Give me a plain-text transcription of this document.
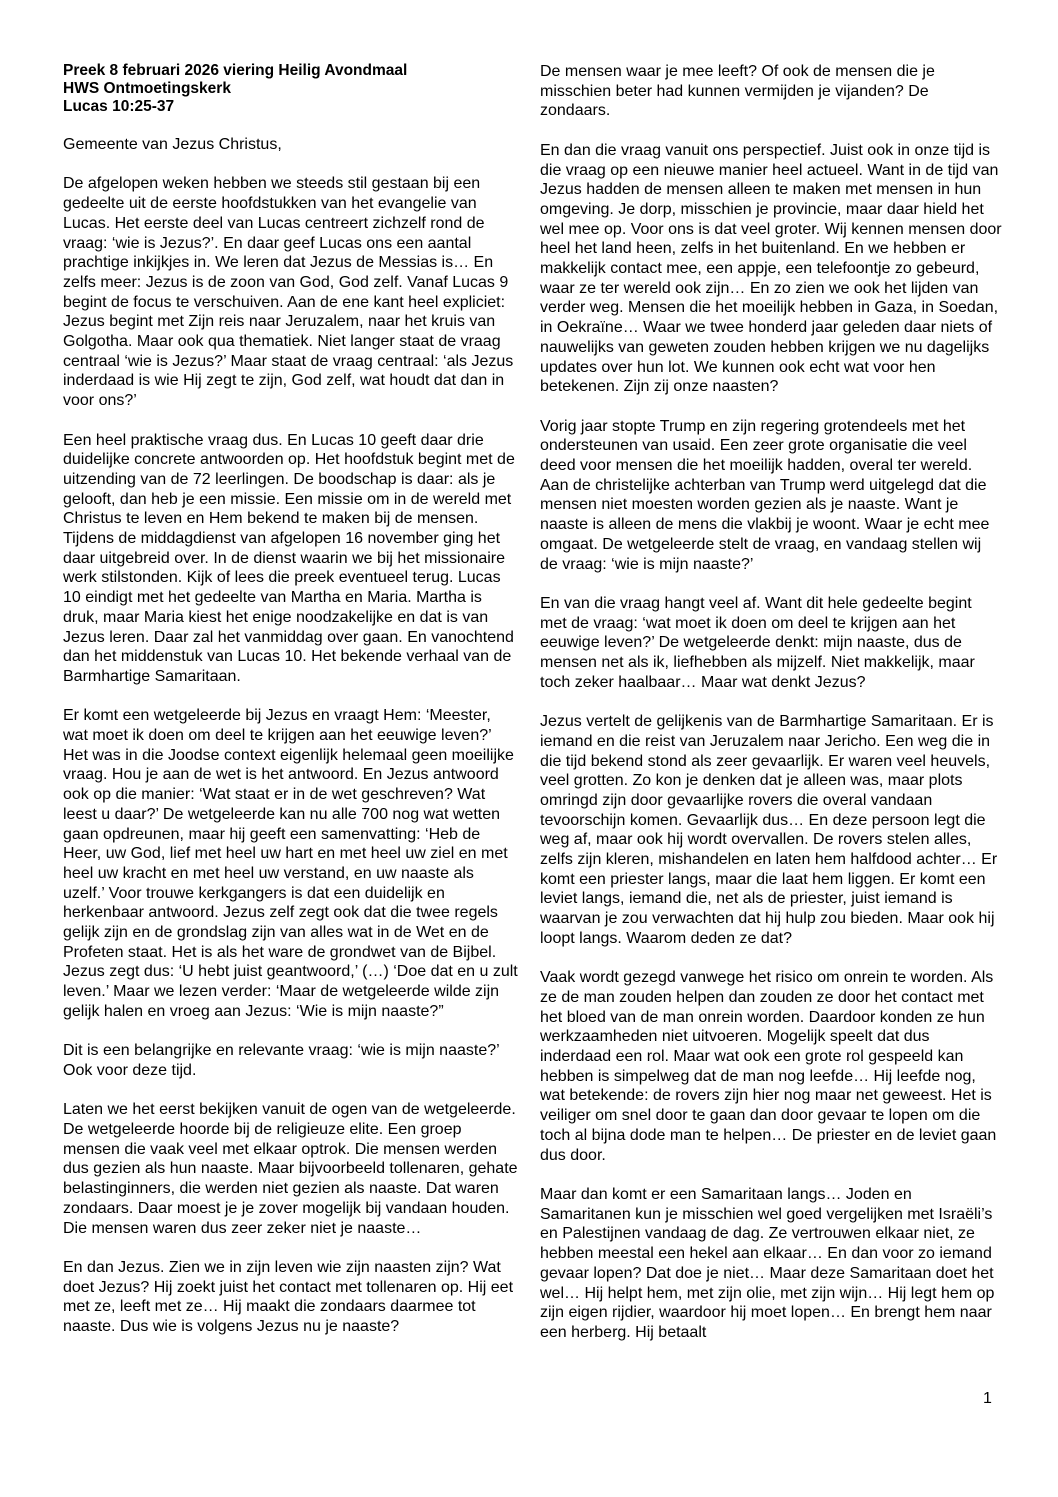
Preek 8 februari 2026 viering Heilig Avondmaal

HWS Ontmoetingskerk

Lucas 10:25-37

Gemeente van Jezus Christus,

De afgelopen weken hebben we steeds stil gestaan bij een gedeelte uit de eerste hoofdstukken van het evangelie van Lucas. Het eerste deel van Lucas centreert zichzelf rond de vraag: ‘wie is Jezus?’. En daar geef Lucas ons een aantal prachtige inkijkjes in. We leren dat Jezus de Messias is… En zelfs meer: Jezus is de zoon van God, God zelf. Vanaf Lucas 9 begint de focus te verschuiven. Aan de ene kant heel expliciet: Jezus begint met Zijn reis naar Jeruzalem, naar het kruis van Golgotha. Maar ook qua thematiek. Niet langer staat de vraag centraal ‘wie is Jezus?’ Maar staat de vraag centraal: ‘als Jezus inderdaad is wie Hij zegt te zijn, God zelf, wat houdt dat dan in voor ons?’

Een heel praktische vraag dus. En Lucas 10 geeft daar drie duidelijke concrete antwoorden op. Het hoofdstuk begint met de uitzending van de 72 leerlingen. De boodschap is daar: als je gelooft, dan heb je een missie. Een missie om in de wereld met Christus te leven en Hem bekend te maken bij de mensen. Tijdens de middagdienst van afgelopen 16 november ging het daar uitgebreid over. In de dienst waarin we bij het missionaire werk stilstonden. Kijk of lees die preek eventueel terug. Lucas 10 eindigt met het gedeelte van Martha en Maria. Martha is druk, maar Maria kiest het enige noodzakelijke en dat is van Jezus leren. Daar zal het vanmiddag over gaan. En vanochtend dan het middenstuk van Lucas 10. Het bekende verhaal van de Barmhartige Samaritaan.

Er komt een wetgeleerde bij Jezus en vraagt Hem: ‘Meester, wat moet ik doen om deel te krijgen aan het eeuwige leven?’ Het was in die Joodse context eigenlijk helemaal geen moeilijke vraag. Hou je aan de wet is het antwoord. En Jezus antwoord ook op die manier: ‘Wat staat er in de wet geschreven? Wat leest u daar?’ De wetgeleerde kan nu alle 700 nog wat wetten gaan opdreunen, maar hij geeft een samenvatting: ‘Heb de Heer, uw God, lief met heel uw hart en met heel uw ziel en met heel uw kracht en met heel uw verstand, en uw naaste als uzelf.’ Voor trouwe kerkgangers is dat een duidelijk en herkenbaar antwoord. Jezus zelf zegt ook dat die twee regels gelijk zijn en de grondslag zijn van alles wat in de Wet en de Profeten staat. Het is als het ware de grondwet van de Bijbel. Jezus zegt dus: ‘U hebt juist geantwoord,’ (…) ‘Doe dat en u zult leven.’ Maar we lezen verder: ‘Maar de wetgeleerde wilde zijn gelijk halen en vroeg aan Jezus: ‘Wie is mijn naaste?”

Dit is een belangrijke en relevante vraag: ‘wie is mijn naaste?’ Ook voor deze tijd.

Laten we het eerst bekijken vanuit de ogen van de wetgeleerde. De wetgeleerde hoorde bij de religieuze elite. Een groep mensen die vaak veel met elkaar optrok. Die mensen werden dus gezien als hun naaste. Maar bijvoorbeeld tollenaren, gehate belastinginners, die werden niet gezien als naaste. Dat waren zondaars. Daar moest je je zover mogelijk bij vandaan houden. Die mensen waren dus zeer zeker niet je naaste…

En dan Jezus. Zien we in zijn leven wie zijn naasten zijn? Wat doet Jezus? Hij zoekt juist het contact met tollenaren op. Hij eet met ze, leeft met ze… Hij maakt die zondaars daarmee tot naaste. Dus wie is volgens Jezus nu je naaste?

De mensen waar je mee leeft? Of ook de mensen die je misschien beter had kunnen vermijden je vijanden? De zondaars.

En dan die vraag vanuit ons perspectief. Juist ook in onze tijd is die vraag op een nieuwe manier heel actueel. Want in de tijd van Jezus hadden de mensen alleen te maken met mensen in hun omgeving. Je dorp, misschien je provincie, maar daar hield het wel mee op. Voor ons is dat veel groter. Wij kennen mensen door heel het land heen, zelfs in het buitenland. En we hebben er makkelijk contact mee, een appje, een telefoontje zo gebeurd, waar ze ter wereld ook zijn… En zo zien we ook het lijden van verder weg. Mensen die het moeilijk hebben in Gaza, in Soedan, in Oekraïne… Waar we twee honderd jaar geleden daar niets of nauwelijks van geweten zouden hebben krijgen we nu dagelijks updates over hun lot. We kunnen ook echt wat voor hen betekenen. Zijn zij onze naasten?

Vorig jaar stopte Trump en zijn regering grotendeels met het ondersteunen van usaid. Een zeer grote organisatie die veel deed voor mensen die het moeilijk hadden, overal ter wereld. Aan de christelijke achterban van Trump werd uitgelegd dat die mensen niet moesten worden gezien als je naaste. Want je naaste is alleen de mens die vlakbij je woont. Waar je echt mee omgaat. De wetgeleerde stelt de vraag, en vandaag stellen wij de vraag: ‘wie is mijn naaste?’

En van die vraag hangt veel af. Want dit hele gedeelte begint met de vraag: ‘wat moet ik doen om deel te krijgen aan het eeuwige leven?’ De wetgeleerde denkt: mijn naaste, dus de mensen net als ik, liefhebben als mijzelf. Niet makkelijk, maar toch zeker haalbaar… Maar wat denkt Jezus?

Jezus vertelt de gelijkenis van de Barmhartige Samaritaan. Er is iemand en die reist van Jeruzalem naar Jericho. Een weg die in die tijd bekend stond als zeer gevaarlijk. Er waren veel heuvels, veel grotten. Zo kon je denken dat je alleen was, maar plots omringd zijn door gevaarlijke rovers die overal vandaan tevoorschijn komen. Gevaarlijk dus… En deze persoon legt die weg af, maar ook hij wordt overvallen. De rovers stelen alles, zelfs zijn kleren, mishandelen en laten hem halfdood achter… Er komt een priester langs, maar die laat hem liggen. Er komt een leviet langs, iemand die, net als de priester, juist iemand is waarvan je zou verwachten dat hij hulp zou bieden. Maar ook hij loopt langs. Waarom deden ze dat?

Vaak wordt gezegd vanwege het risico om onrein te worden. Als ze de man zouden helpen dan zouden ze door het contact met het bloed van de man onrein worden. Daardoor konden ze hun werkzaamheden niet uitvoeren. Mogelijk speelt dat dus inderdaad een rol. Maar wat ook een grote rol gespeeld kan hebben is simpelweg dat de man nog leefde… Hij leefde nog, wat betekende: de rovers zijn hier nog maar net geweest. Het is veiliger om snel door te gaan dan door gevaar te lopen om die toch al bijna dode man te helpen… De priester en de leviet gaan dus door.

Maar dan komt er een Samaritaan langs… Joden en Samaritanen kun je misschien wel goed vergelijken met Israëli’s en Palestijnen vandaag de dag. Ze vertrouwen elkaar niet, ze hebben meestal een hekel aan elkaar… En dan voor zo iemand gevaar lopen? Dat doe je niet… Maar deze Samaritaan doet het wel… Hij helpt hem, met zijn olie, met zijn wijn… Hij legt hem op zijn eigen rijdier, waardoor hij moet lopen… En brengt hem naar een herberg. Hij betaalt

1
